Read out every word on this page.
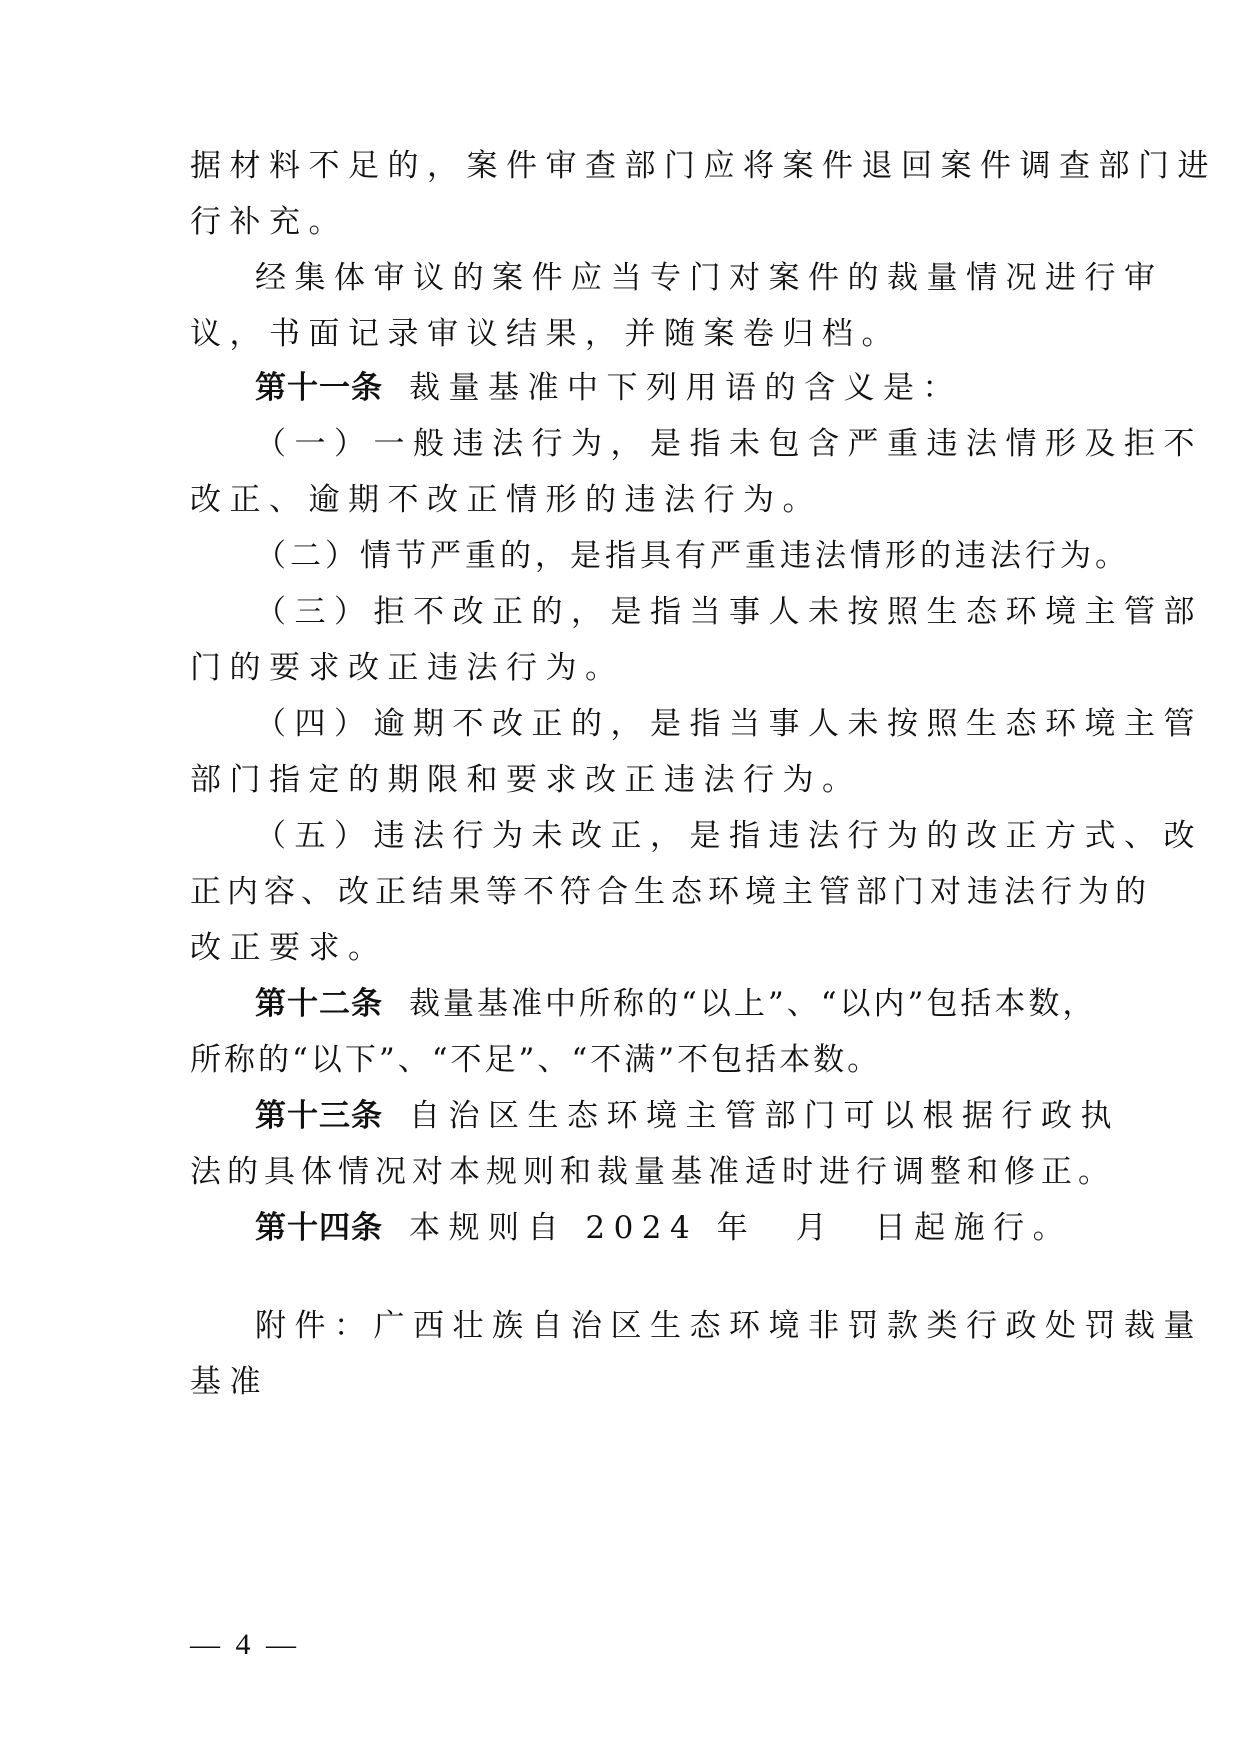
据材料不足的，案件审查部门应将案件退回案件调查部门进
行补充。
经集体审议的案件应当专门对案件的裁量情况进行审
议，书面记录审议结果，并随案卷归档。
第十一条 裁量基准中下列用语的含义是：
（一）一般违法行为，是指未包含严重违法情形及拒不
改正、逾期不改正情形的违法行为。
（二）情节严重的，是指具有严重违法情形的违法行为。
（三）拒不改正的，是指当事人未按照生态环境主管部
门的要求改正违法行为。
（四）逾期不改正的，是指当事人未按照生态环境主管
部门指定的期限和要求改正违法行为。
（五）违法行为未改正，是指违法行为的改正方式、改
正内容、改正结果等不符合生态环境主管部门对违法行为的
改正要求。
第十二条 裁量基准中所称的“以上”、“以内”包括本数，
所称的“以下”、“不足”、“不满”不包括本数。
第十三条 自治区生态环境主管部门可以根据行政执
法的具体情况对本规则和裁量基准适时进行调整和修正。
第十四条 本规则自 2024 年　月　日起施行。
附件：广西壮族自治区生态环境非罚款类行政处罚裁量
基准
— 4 —
